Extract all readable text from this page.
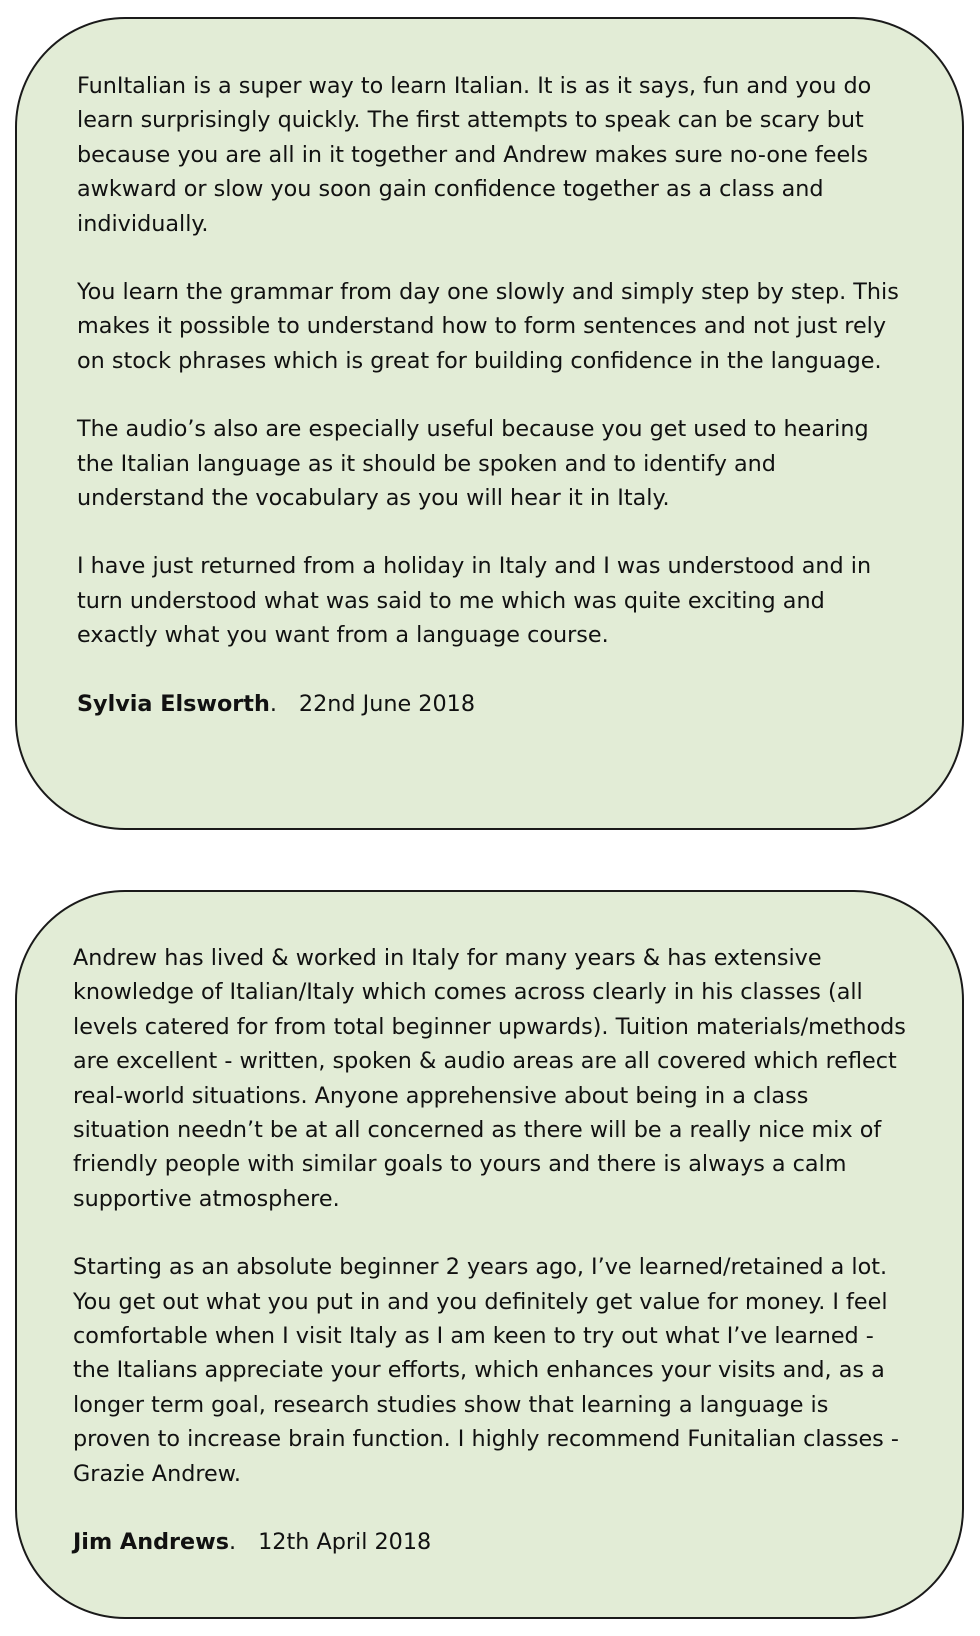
FunItalian is a super way to learn Italian. It is as it says, fun and you do learn surprisingly quickly. The first attempts to speak can be scary but because you are all in it together and Andrew makes sure no-one feels awkward or slow you soon gain confidence together as a class and individually.

You learn the grammar from day one slowly and simply step by step. This makes it possible to understand how to form sentences and not just rely on stock phrases which is great for building confidence in the language.

The audio’s also are especially useful because you get used to hearing the Italian language as it should be spoken and to identify and understand the vocabulary as you will hear it in Italy.

I have just returned from a holiday in Italy and I was understood and in turn understood what was said to me which was quite exciting and exactly what you want from a language course.

Sylvia Elsworth. 22nd June 2018

Andrew has lived & worked in Italy for many years & has extensive knowledge of Italian/Italy which comes across clearly in his classes (all levels catered for from total beginner upwards). Tuition materials/methods are excellent - written, spoken & audio areas are all covered which reflect real-world situations. Anyone apprehensive about being in a class situation needn’t be at all concerned as there will be a really nice mix of friendly people with similar goals to yours and there is always a calm supportive atmosphere.

Starting as an absolute beginner 2 years ago, I’ve learned/retained a lot. You get out what you put in and you definitely get value for money. I feel comfortable when I visit Italy as I am keen to try out what I’ve learned - the Italians appreciate your efforts, which enhances your visits and, as a longer term goal, research studies show that learning a language is proven to increase brain function. I highly recommend Funitalian classes - Grazie Andrew.

Jim Andrews. 12th April 2018
